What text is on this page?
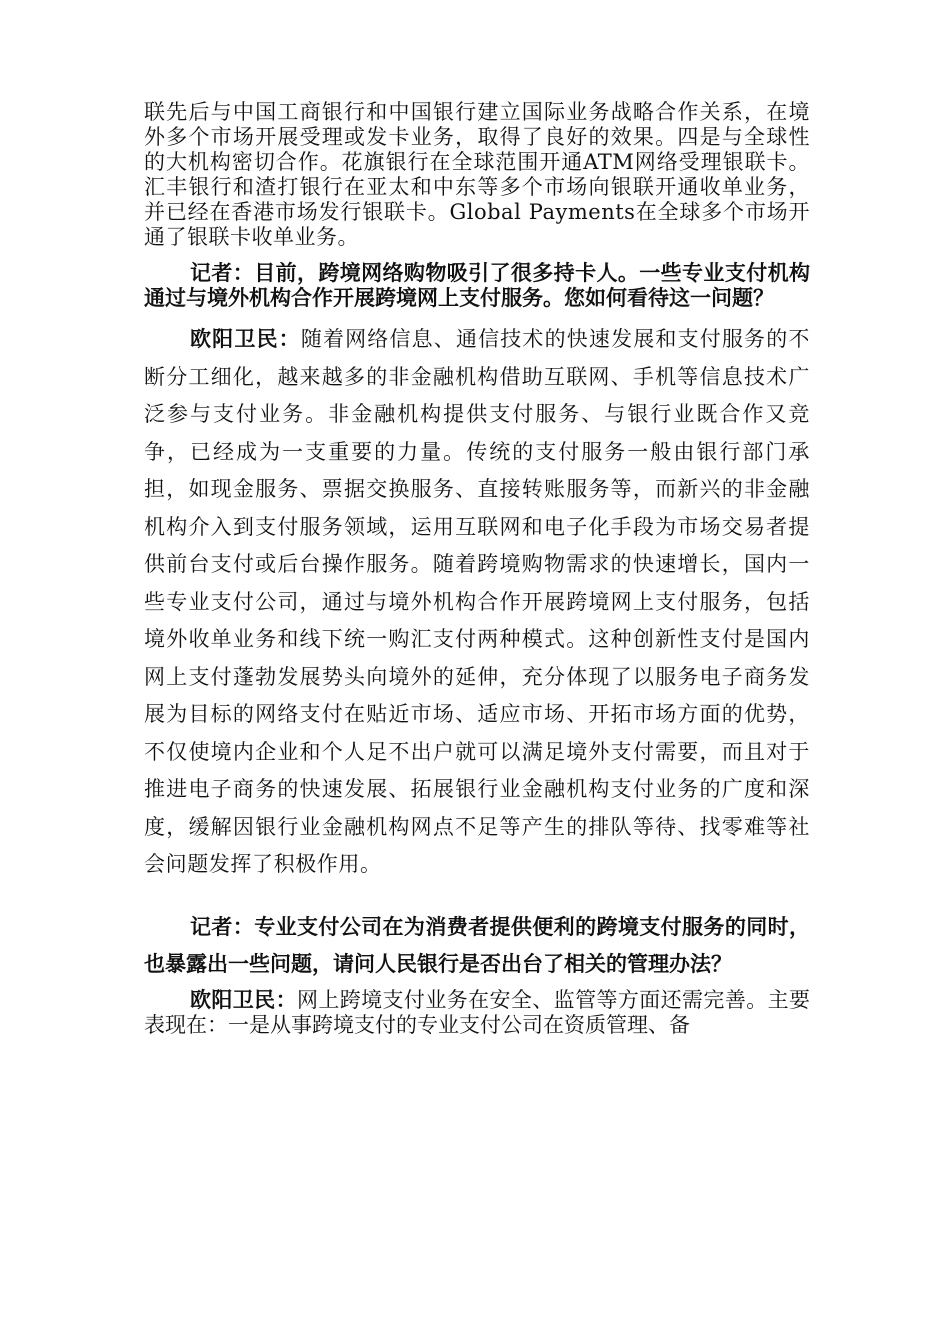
联先后与中国工商银行和中国银行建立国际业务战略合作关系，在境外多个市场开展受理或发卡业务，取得了良好的效果。四是与全球性的大机构密切合作。花旗银行在全球范围开通ATM网络受理银联卡。汇丰银行和渣打银行在亚太和中东等多个市场向银联开通收单业务，并已经在香港市场发行银联卡。Global Payments在全球多个市场开通了银联卡收单业务。

记者：目前，跨境网络购物吸引了很多持卡人。一些专业支付机构通过与境外机构合作开展跨境网上支付服务。您如何看待这一问题？

欧阳卫民：随着网络信息、通信技术的快速发展和支付服务的不断分工细化，越来越多的非金融机构借助互联网、手机等信息技术广泛参与支付业务。非金融机构提供支付服务、与银行业既合作又竞争，已经成为一支重要的力量。传统的支付服务一般由银行部门承担，如现金服务、票据交换服务、直接转账服务等，而新兴的非金融机构介入到支付服务领域，运用互联网和电子化手段为市场交易者提供前台支付或后台操作服务。随着跨境购物需求的快速增长，国内一些专业支付公司，通过与境外机构合作开展跨境网上支付服务，包括境外收单业务和线下统一购汇支付两种模式。这种创新性支付是国内网上支付蓬勃发展势头向境外的延伸，充分体现了以服务电子商务发展为目标的网络支付在贴近市场、适应市场、开拓市场方面的优势，不仅使境内企业和个人足不出户就可以满足境外支付需要，而且对于推进电子商务的快速发展、拓展银行业金融机构支付业务的广度和深度，缓解因银行业金融机构网点不足等产生的排队等待、找零难等社会问题发挥了积极作用。

记者：专业支付公司在为消费者提供便利的跨境支付服务的同时，也暴露出一些问题，请问人民银行是否出台了相关的管理办法？

欧阳卫民：网上跨境支付业务在安全、监管等方面还需完善。主要表现在：一是从事跨境支付的专业支付公司在资质管理、备
